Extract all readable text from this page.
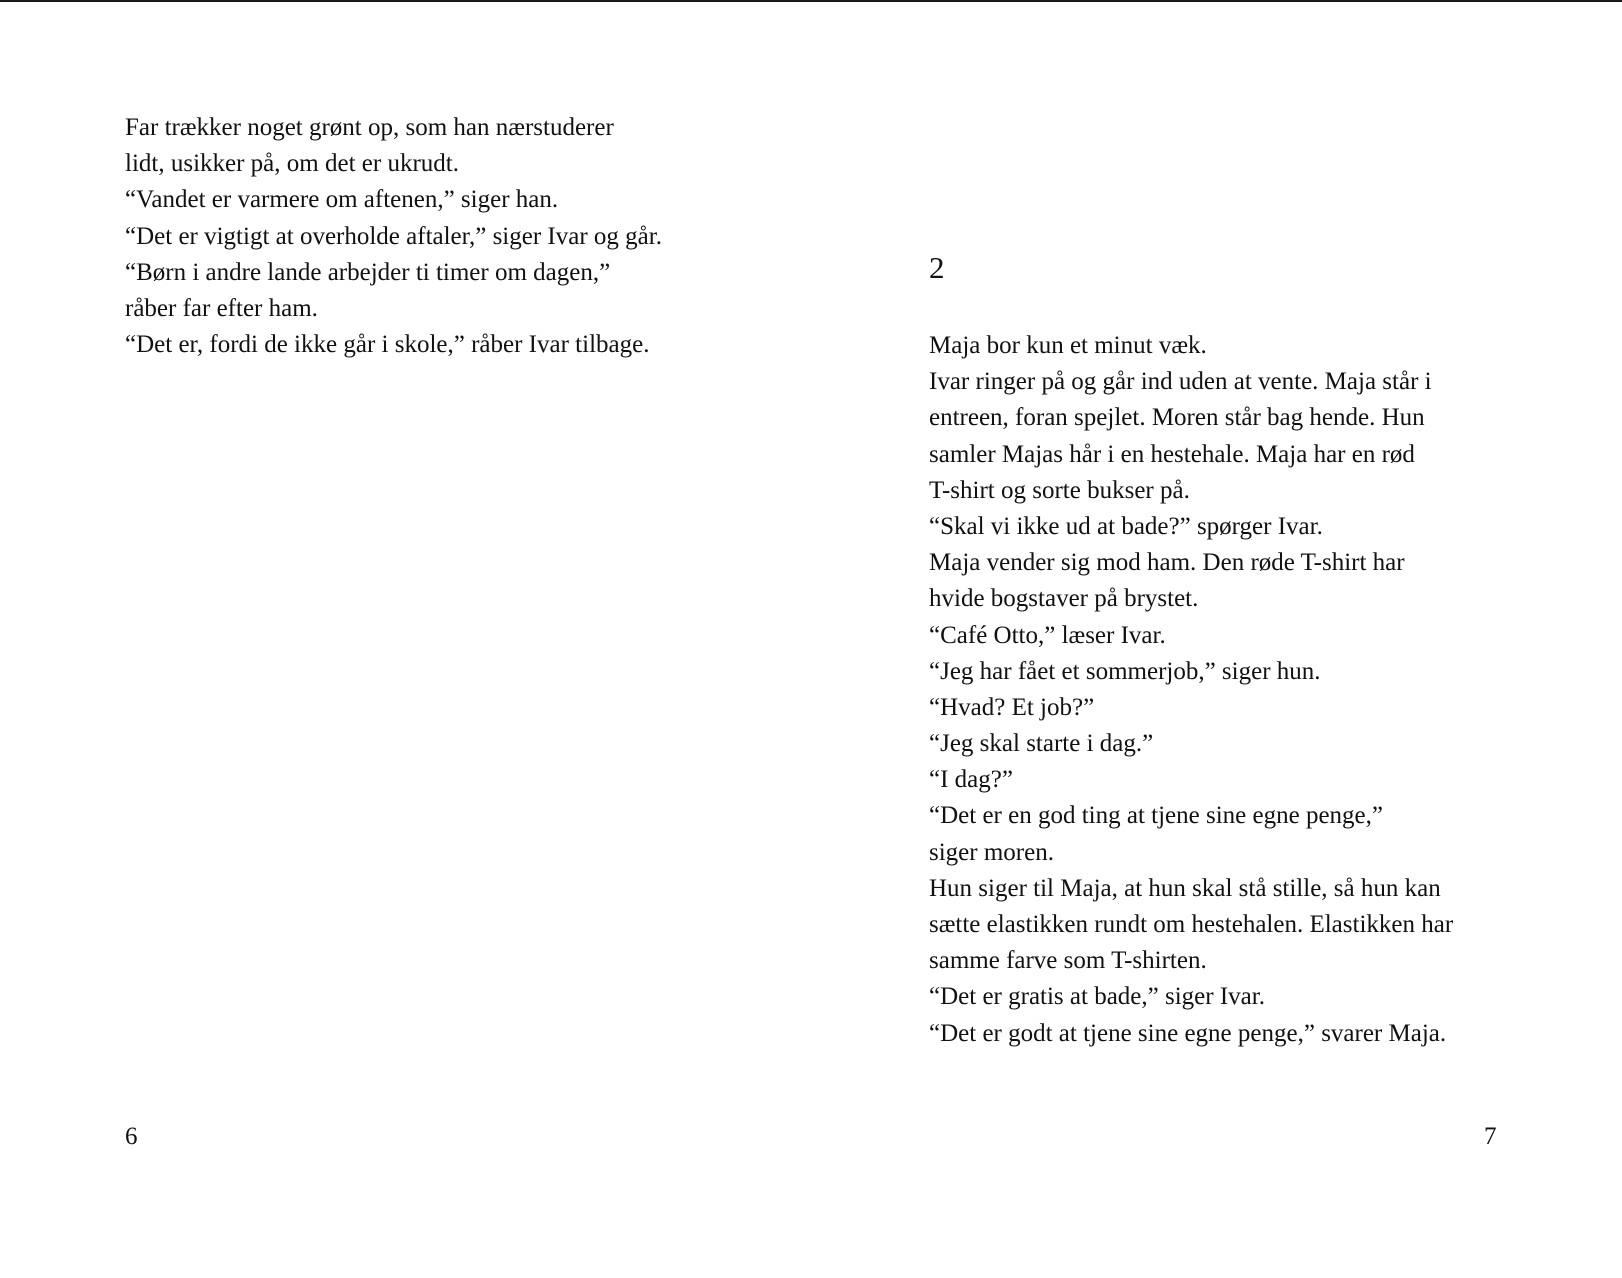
Far trækker noget grønt op, som han nærstuderer
lidt, usikker på, om det er ukrudt.
“Vandet er varmere om aftenen,” siger han.
“Det er vigtigt at overholde aftaler,” siger Ivar og går.
“Børn i andre lande arbejder ti timer om dagen,”
råber far efter ham.
“Det er, fordi de ikke går i skole,” råber Ivar tilbage.
6
2
Maja bor kun et minut væk.
Ivar ringer på og går ind uden at vente. Maja står i
entreen, foran spejlet. Moren står bag hende. Hun
samler Majas hår i en hestehale. Maja har en rød
T-shirt og sorte bukser på.
“Skal vi ikke ud at bade?” spørger Ivar.
Maja vender sig mod ham. Den røde T-shirt har
hvide bogstaver på brystet.
“Café Otto,” læser Ivar.
“Jeg har fået et sommerjob,” siger hun.
“Hvad? Et job?”
“Jeg skal starte i dag.”
“I dag?”
“Det er en god ting at tjene sine egne penge,”
siger moren.
Hun siger til Maja, at hun skal stå stille, så hun kan
sætte elastikken rundt om hestehalen. Elastikken har
samme farve som T-shirten.
“Det er gratis at bade,” siger Ivar.
“Det er godt at tjene sine egne penge,” svarer Maja.
7
